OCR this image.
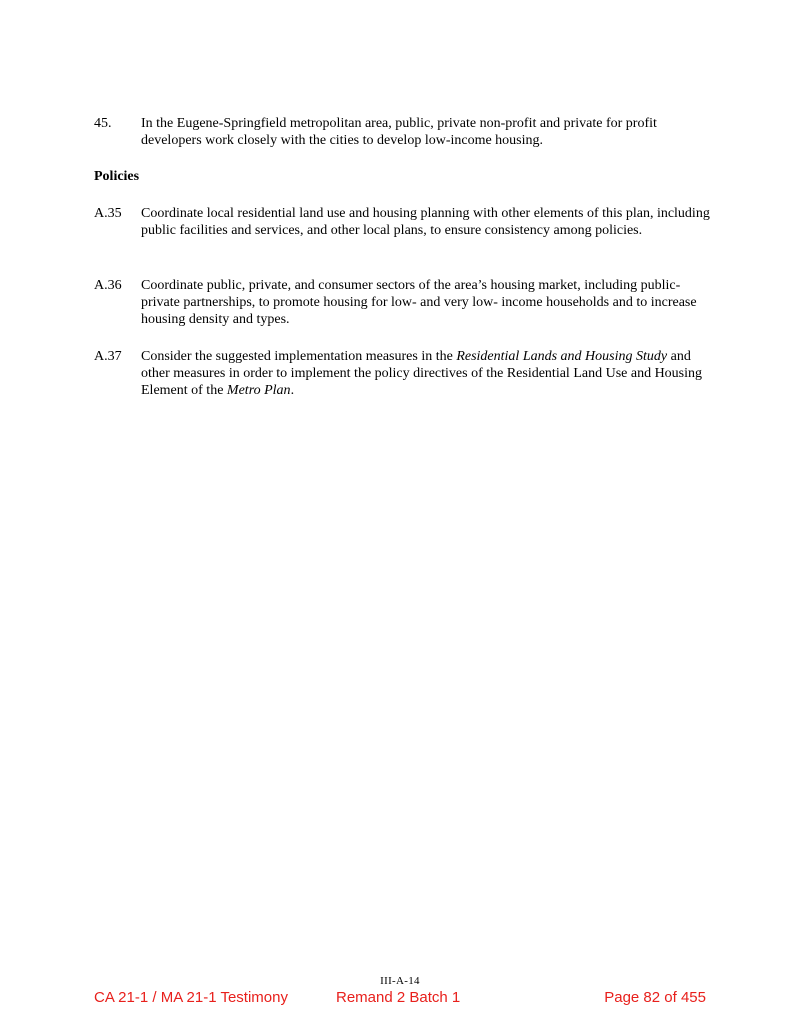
45.	In the Eugene-Springfield metropolitan area, public, private non-profit and private for profit developers work closely with the cities to develop low-income housing.
Policies
A.35	Coordinate local residential land use and housing planning with other elements of this plan, including public facilities and services, and other local plans, to ensure consistency among policies.
A.36	Coordinate public, private, and consumer sectors of the area’s housing market, including public-private partnerships, to promote housing for low- and very low- income households and to increase housing density and types.
A.37	Consider the suggested implementation measures in the Residential Lands and Housing Study and other measures in order to implement the policy directives of the Residential Land Use and Housing Element of the Metro Plan.
III-A-14
CA 21-1 / MA 21-1 Testimony	Remand 2 Batch 1	Page 82 of 455
